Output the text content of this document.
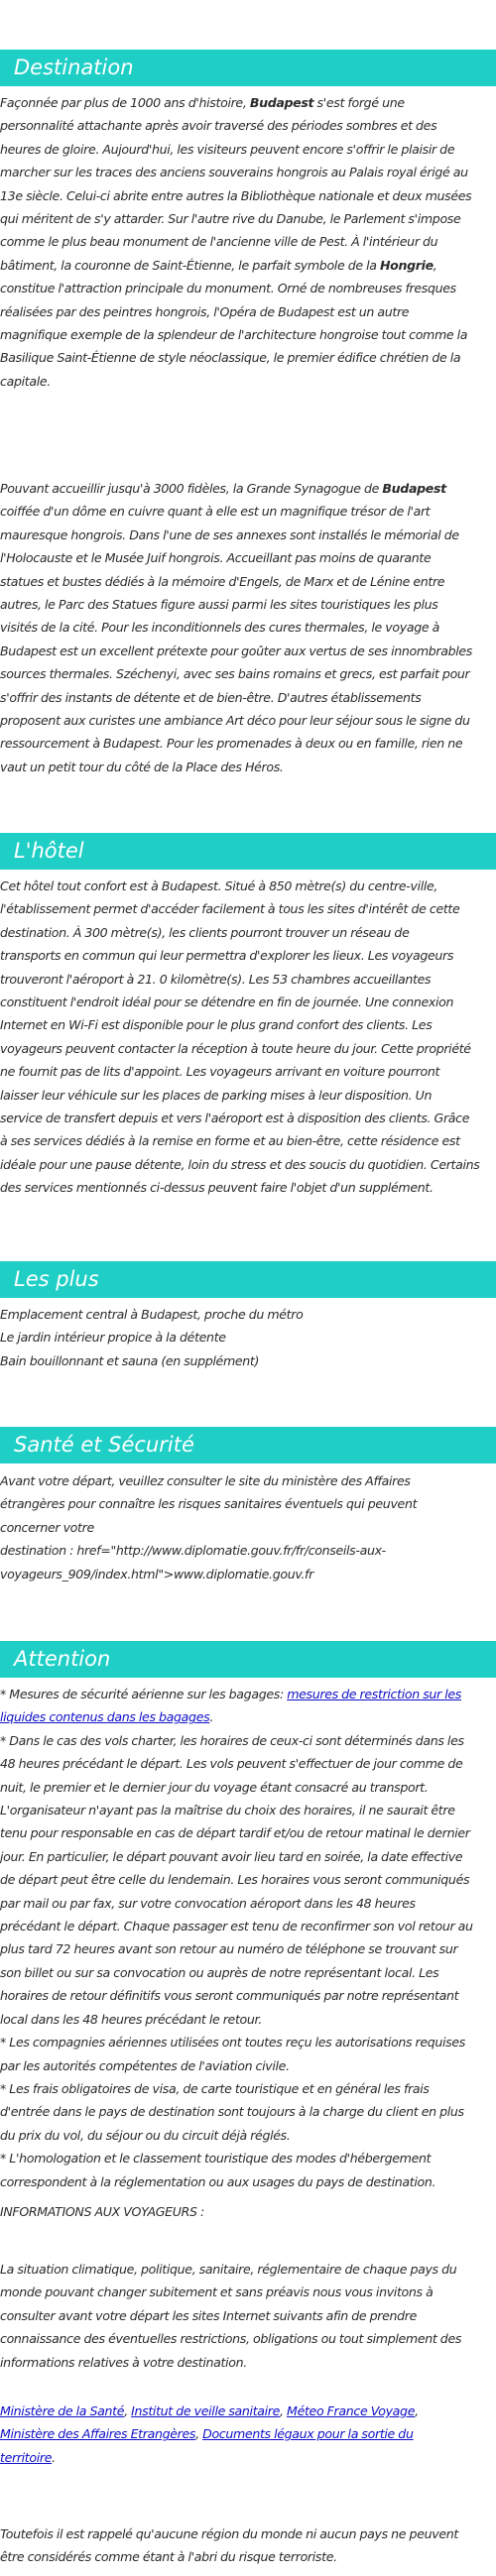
Destination
Façonnée par plus de 1000 ans d'histoire, Budapest s'est forgé une
personnalité attachante après avoir traversé des périodes sombres et des
heures de gloire. Aujourd'hui, les visiteurs peuvent encore s'offrir le plaisir de
marcher sur les traces des anciens souverains hongrois au Palais royal érigé au
13e siècle. Celui-ci abrite entre autres la Bibliothèque nationale et deux musées
qui méritent de s'y attarder. Sur l'autre rive du Danube, le Parlement s'impose
comme le plus beau monument de l'ancienne ville de Pest. À l'intérieur du
bâtiment, la couronne de Saint-Étienne, le parfait symbole de la Hongrie,
constitue l'attraction principale du monument. Orné de nombreuses fresques
réalisées par des peintres hongrois, l'Opéra de Budapest est un autre
magnifique exemple de la splendeur de l'architecture hongroise tout comme la
Basilique Saint-Étienne de style néoclassique, le premier édifice chrétien de la
capitale.
Pouvant accueillir jusqu'à 3000 fidèles, la Grande Synagogue de Budapest
coiffée d'un dôme en cuivre quant à elle est un magnifique trésor de l'art
mauresque hongrois. Dans l'une de ses annexes sont installés le mémorial de
l'Holocauste et le Musée Juif hongrois. Accueillant pas moins de quarante
statues et bustes dédiés à la mémoire d'Engels, de Marx et de Lénine entre
autres, le Parc des Statues figure aussi parmi les sites touristiques les plus
visités de la cité. Pour les inconditionnels des cures thermales, le voyage à
Budapest est un excellent prétexte pour goûter aux vertus de ses innombrables
sources thermales. Széchenyi, avec ses bains romains et grecs, est parfait pour
s'offrir des instants de détente et de bien-être. D'autres établissements
proposent aux curistes une ambiance Art déco pour leur séjour sous le signe du
ressourcement à Budapest. Pour les promenades à deux ou en famille, rien ne
vaut un petit tour du côté de la Place des Héros.
L'hôtel
Cet hôtel tout confort est à Budapest. Situé à 850 mètre(s) du centre-ville,
l'établissement permet d'accéder facilement à tous les sites d'intérêt de cette
destination. À 300 mètre(s), les clients pourront trouver un réseau de
transports en commun qui leur permettra d'explorer les lieux. Les voyageurs
trouveront l'aéroport à 21. 0 kilomètre(s). Les 53 chambres accueillantes
constituent l'endroit idéal pour se détendre en fin de journée. Une connexion
Internet en Wi-Fi est disponible pour le plus grand confort des clients. Les
voyageurs peuvent contacter la réception à toute heure du jour. Cette propriété
ne fournit pas de lits d'appoint. Les voyageurs arrivant en voiture pourront
laisser leur véhicule sur les places de parking mises à leur disposition. Un
service de transfert depuis et vers l'aéroport est à disposition des clients. Grâce
à ses services dédiés à la remise en forme et au bien-être, cette résidence est
idéale pour une pause détente, loin du stress et des soucis du quotidien. Certains
des services mentionnés ci-dessus peuvent faire l'objet d'un supplément.
Les plus
Emplacement central à Budapest, proche du métro
Le jardin intérieur propice à la détente
Bain bouillonnant et sauna (en supplément)
Santé et Sécurité
Avant votre départ, veuillez consulter le site du ministère des Affaires
étrangères pour connaître les risques sanitaires éventuels qui peuvent
concerner votre
destination : href="http://www.diplomatie.gouv.fr/fr/conseils-aux-
voyageurs_909/index.html">www.diplomatie.gouv.fr
Attention
* Mesures de sécurité aérienne sur les bagages: mesures de restriction sur les
liquides contenus dans les bagages.
* Dans le cas des vols charter, les horaires de ceux-ci sont déterminés dans les
48 heures précédant le départ. Les vols peuvent s'effectuer de jour comme de
nuit, le premier et le dernier jour du voyage étant consacré au transport.
L'organisateur n'ayant pas la maîtrise du choix des horaires, il ne saurait être
tenu pour responsable en cas de départ tardif et/ou de retour matinal le dernier
jour. En particulier, le départ pouvant avoir lieu tard en soirée, la date effective
de départ peut être celle du lendemain. Les horaires vous seront communiqués
par mail ou par fax, sur votre convocation aéroport dans les 48 heures
précédant le départ. Chaque passager est tenu de reconfirmer son vol retour au
plus tard 72 heures avant son retour au numéro de téléphone se trouvant sur
son billet ou sur sa convocation ou auprès de notre représentant local. Les
horaires de retour définitifs vous seront communiqués par notre représentant
local dans les 48 heures précédant le retour.
* Les compagnies aériennes utilisées ont toutes reçu les autorisations requises
par les autorités compétentes de l'aviation civile.
* Les frais obligatoires de visa, de carte touristique et en général les frais
d'entrée dans le pays de destination sont toujours à la charge du client en plus
du prix du vol, du séjour ou du circuit déjà réglés.
* L'homologation et le classement touristique des modes d'hébergement
correspondent à la réglementation ou aux usages du pays de destination.
INFORMATIONS AUX VOYAGEURS :
La situation climatique, politique, sanitaire, réglementaire de chaque pays du
monde pouvant changer subitement et sans préavis nous vous invitons à
consulter avant votre départ les sites Internet suivants afin de prendre
connaissance des éventuelles restrictions, obligations ou tout simplement des
informations relatives à votre destination.
Ministère de la Santé, Institut de veille sanitaire, Méteo France Voyage,
Ministère des Affaires Etrangères, Documents légaux pour la sortie du
territoire.
Toutefois il est rappelé qu'aucune région du monde ni aucun pays ne peuvent
être considérés comme étant à l'abri du risque terroriste.
